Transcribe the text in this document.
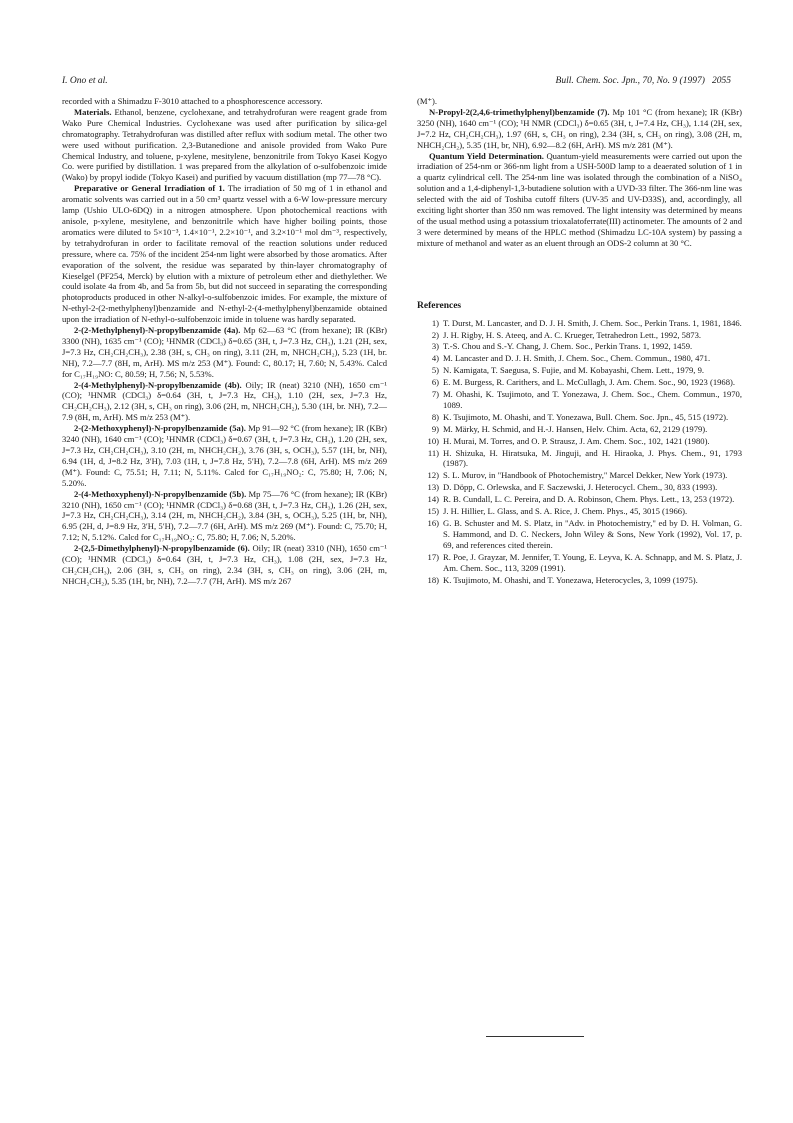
I. Ono et al.	Bull. Chem. Soc. Jpn., 70, No. 9 (1997) 2055

recorded with a Shimadzu F-3010 attached to a phosphorescence accessory.

Materials. Ethanol, benzene, cyclohexane, and tetrahydrofuran were reagent grade from Wako Pure Chemical Industries. Cyclohexane was used after purification by silica-gel chromatography. Tetrahydrofuran was distilled after reflux with sodium metal. The other two were used without purification. 2,3-Butanedione and anisole provided from Wako Pure Chemical Industry, and toluene, p-xylene, mesitylene, benzonitrile from Tokyo Kasei Kogyo Co. were purified by distillation. 1 was prepared from the alkylation of o-sulfobenzoic imide (Wako) by propyl iodide (Tokyo Kasei) and purified by vacuum distillation (mp 77—78 °C).

Preparative or General Irradiation of 1. The irradiation of 50 mg of 1 in ethanol and aromatic solvents was carried out in a 50 cm³ quartz vessel with a 6-W low-pressure mercury lamp (Ushio ULO-6DQ) in a nitrogen atmosphere. Upon photochemical reactions with anisole, p-xylene, mesitylene, and benzonitrile which have higher boiling points, those aromatics were diluted to 5×10⁻³, 1.4×10⁻¹, 2.2×10⁻¹, and 3.2×10⁻¹ mol dm⁻³, respectively, by tetrahydrofuran in order to facilitate removal of the reaction solutions under reduced pressure, where ca. 75% of the incident 254-nm light were absorbed by those aromatics. After evaporation of the solvent, the residue was separated by thin-layer chromatography of Kieselgel (PF254, Merck) by elution with a mixture of petroleum ether and diethylether. We could isolate 4a from 4b, and 5a from 5b, but did not succeed in separating the corresponding photoproducts produced in other N-alkyl-o-sulfobenzoic imides. For example, the mixture of N-ethyl-2-(2-methylphenyl)benzamide and N-ethyl-2-(4-methylphenyl)benzamide obtained upon the irradiation of N-ethyl-o-sulfobenzoic imide in toluene was hardly separated.

2-(2-Methylphenyl)-N-propylbenzamide (4a). Mp 62—63 °C (from hexane); IR (KBr) 3300 (NH), 1635 cm⁻¹ (CO); ¹HNMR (CDCl₃) δ=0.65 (3H, t, J=7.3 Hz, CH₃), 1.21 (2H, sex, J=7.3 Hz, CH₂CH₂CH₃), 2.38 (3H, s, CH₃ on ring), 3.11 (2H, m, NHCH₂CH₂), 5.23 (1H, br. NH), 7.2—7.7 (8H, m, ArH). MS m/z 253 (M⁺). Found: C, 80.17; H, 7.60; N, 5.43%. Calcd for C₁₇H₁₉NO: C, 80.59; H, 7.56; N, 5.53%.

2-(4-Methylphenyl)-N-propylbenzamide (4b). Oily; IR (neat) 3210 (NH), 1650 cm⁻¹ (CO); ¹HNMR (CDCl₃) δ=0.64 (3H, t, J=7.3 Hz, CH₃), 1.10 (2H, sex, J=7.3 Hz, CH₂CH₂CH₃), 2.12 (3H, s, CH₃ on ring), 3.06 (2H, m, NHCH₂CH₂), 5.30 (1H, br. NH), 7.2—7.9 (8H, m, ArH). MS m/z 253 (M⁺).

2-(2-Methoxyphenyl)-N-propylbenzamide (5a). Mp 91—92 °C (from hexane); IR (KBr) 3240 (NH), 1640 cm⁻¹ (CO); ¹HNMR (CDCl₃) δ=0.67 (3H, t, J=7.3 Hz, CH₃), 1.20 (2H, sex, J=7.3 Hz, CH₂CH₂CH₃), 3.10 (2H, m, NHCH₂CH₂), 3.76 (3H, s, OCH₃), 5.57 (1H, br, NH), 6.94 (1H, d, J=8.2 Hz, 3′H), 7.03 (1H, t, J=7.8 Hz, 5′H), 7.2—7.8 (6H, ArH). MS m/z 269 (M⁺). Found: C, 75.51; H, 7.11; N, 5.11%. Calcd for C₁₇H₁₉NO₂: C, 75.80; H, 7.06; N, 5.20%.

2-(4-Methoxyphenyl)-N-propylbenzamide (5b). Mp 75—76 °C (from hexane); IR (KBr) 3210 (NH), 1650 cm⁻¹ (CO); ¹HNMR (CDCl₃) δ=0.68 (3H, t, J=7.3 Hz, CH₃), 1.26 (2H, sex, J=7.3 Hz, CH₂CH₂CH₃), 3.14 (2H, m, NHCH₂CH₂), 3.84 (3H, s, OCH₃), 5.25 (1H, br, NH), 6.95 (2H, d, J=8.9 Hz, 3′H, 5′H), 7.2—7.7 (6H, ArH). MS m/z 269 (M⁺). Found: C, 75.70; H, 7.12; N, 5.12%. Calcd for C₁₇H₁₉NO₂: C, 75.80; H, 7.06; N, 5.20%.

2-(2,5-Dimethylphenyl)-N-propylbenzamide (6). Oily; IR (neat) 3310 (NH), 1650 cm⁻¹ (CO); ¹HNMR (CDCl₃) δ=0.64 (3H, t, J=7.3 Hz, CH₃), 1.08 (2H, sex, J=7.3 Hz, CH₂CH₂CH₃), 2.06 (3H, s, CH₃ on ring), 2.34 (3H, s, CH₃ on ring), 3.06 (2H, m, NHCH₂CH₂), 5.35 (1H, br, NH), 7.2—7.7 (7H, ArH). MS m/z 267

(M⁺).

N-Propyl-2(2,4,6-trimethylphenyl)benzamide (7). Mp 101 °C (from hexane); IR (KBr) 3250 (NH), 1640 cm⁻¹ (CO); ¹H NMR (CDCl₃) δ=0.65 (3H, t, J=7.4 Hz, CH₃), 1.14 (2H, sex, J=7.2 Hz, CH₂CH₂CH₃), 1.97 (6H, s, CH₃ on ring), 2.34 (3H, s, CH₃ on ring), 3.08 (2H, m, NHCH₂CH₂), 5.35 (1H, br, NH), 6.92—8.2 (6H, ArH). MS m/z 281 (M⁺).

Quantum Yield Determination. Quantum-yield measurements were carried out upon the irradiation of 254-nm or 366-nm light from a USH-500D lamp to a deaerated solution of 1 in a quartz cylindrical cell. The 254-nm line was isolated through the combination of a NiSO₄ solution and a 1,4-diphenyl-1,3-butadiene solution with a UVD-33 filter. The 366-nm line was selected with the aid of Toshiba cutoff filters (UV-35 and UV-D33S), and, accordingly, all exciting light shorter than 350 nm was removed. The light intensity was determined by means of the usual method using a potassium trioxalatoferrate(III) actinometer. The amounts of 2 and 3 were determined by means of the HPLC method (Shimadzu LC-10A system) by passing a mixture of methanol and water as an eluent through an ODS-2 column at 30 °C.

References
1) T. Durst, M. Lancaster, and D. J. H. Smith, J. Chem. Soc., Perkin Trans. 1, 1981, 1846.
2) J. H. Rigby, H. S. Ateeq, and A. C. Krueger, Tetrahedron Lett., 1992, 5873.
3) T.-S. Chou and S.-Y. Chang, J. Chem. Soc., Perkin Trans. 1, 1992, 1459.
4) M. Lancaster and D. J. H. Smith, J. Chem. Soc., Chem. Commun., 1980, 471.
5) N. Kamigata, T. Saegusa, S. Fujie, and M. Kobayashi, Chem. Lett., 1979, 9.
6) E. M. Burgess, R. Carithers, and L. McCullagh, J. Am. Chem. Soc., 90, 1923 (1968).
7) M. Ohashi, K. Tsujimoto, and T. Yonezawa, J. Chem. Soc., Chem. Commun., 1970, 1089.
8) K. Tsujimoto, M. Ohashi, and T. Yonezawa, Bull. Chem. Soc. Jpn., 45, 515 (1972).
9) M. Märky, H. Schmid, and H.-J. Hansen, Helv. Chim. Acta, 62, 2129 (1979).
10) H. Murai, M. Torres, and O. P. Strausz, J. Am. Chem. Soc., 102, 1421 (1980).
11) H. Shizuka, H. Hiratsuka, M. Jinguji, and H. Hiraoka, J. Phys. Chem., 91, 1793 (1987).
12) S. L. Murov, in "Handbook of Photochemistry," Marcel Dekker, New York (1973).
13) D. Döpp, C. Orlewska, and F. Saczewski, J. Heterocycl. Chem., 30, 833 (1993).
14) R. B. Cundall, L. C. Pereira, and D. A. Robinson, Chem. Phys. Lett., 13, 253 (1972).
15) J. H. Hillier, L. Glass, and S. A. Rice, J. Chem. Phys., 45, 3015 (1966).
16) G. B. Schuster and M. S. Platz, in "Adv. in Photochemistry," ed by D. H. Volman, G. S. Hammond, and D. C. Neckers, John Wiley & Sons, New York (1992), Vol. 17, p. 69, and references cited therein.
17) R. Poe, J. Grayzar, M. Jennifer, T. Young, E. Leyva, K. A. Schnapp, and M. S. Platz, J. Am. Chem. Soc., 113, 3209 (1991).
18) K. Tsujimoto, M. Ohashi, and T. Yonezawa, Heterocycles, 3, 1099 (1975).
